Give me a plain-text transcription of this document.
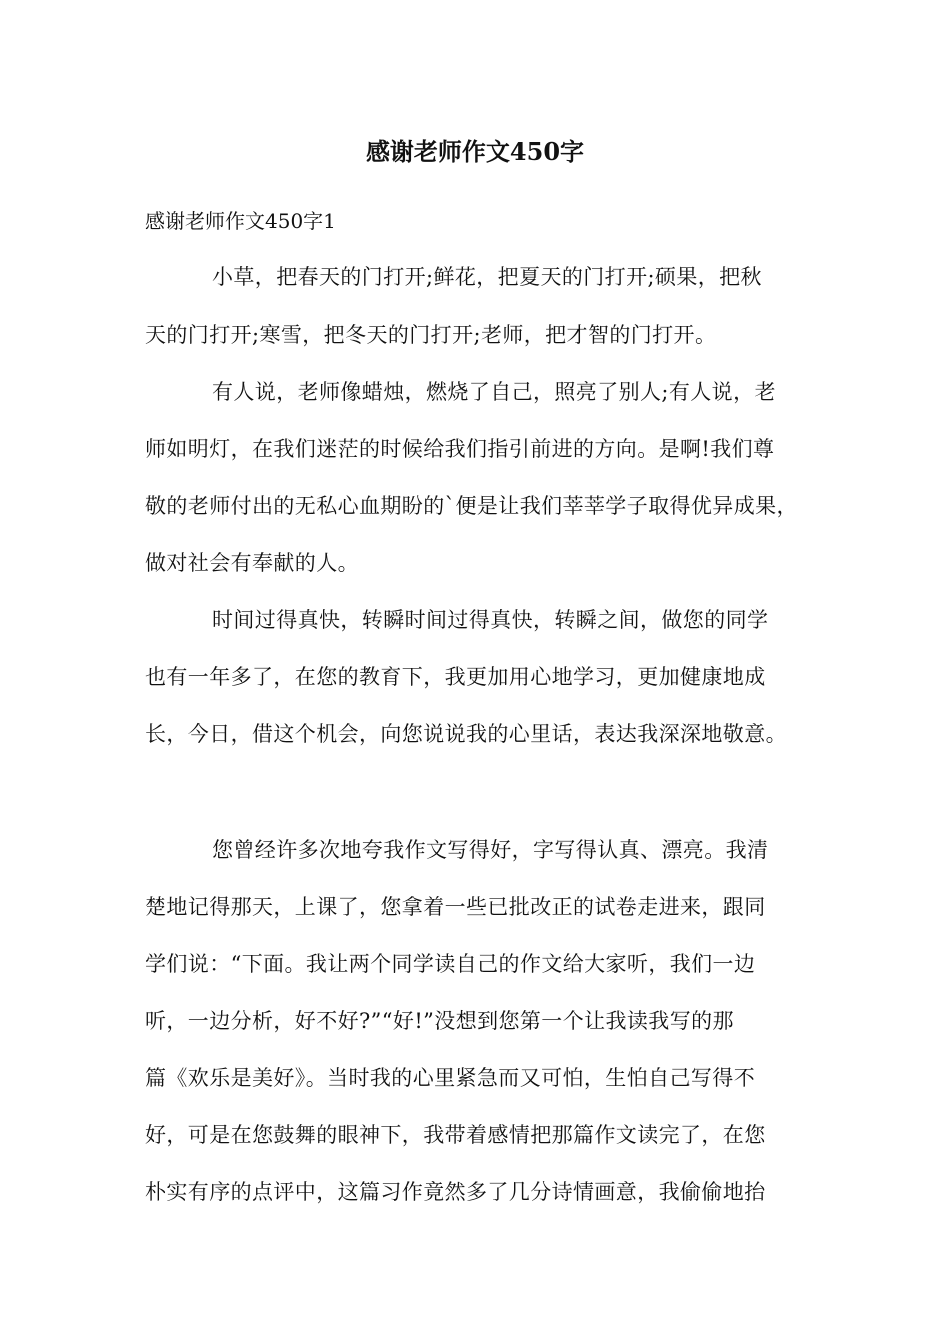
感谢老师作文450字
感谢老师作文450字1
小草，把春天的门打开;鲜花，把夏天的门打开;硕果，把秋
天的门打开;寒雪，把冬天的门打开;老师，把才智的门打开。
有人说，老师像蜡烛，燃烧了自己，照亮了别人;有人说，老
师如明灯，在我们迷茫的时候给我们指引前进的方向。是啊!我们尊
敬的老师付出的无私心血期盼的`便是让我们莘莘学子取得优异成果，
做对社会有奉献的人。
时间过得真快，转瞬时间过得真快，转瞬之间，做您的同学
也有一年多了，在您的教育下，我更加用心地学习，更加健康地成
长，今日，借这个机会，向您说说我的心里话，表达我深深地敬意。
您曾经许多次地夸我作文写得好，字写得认真、漂亮。我清
楚地记得那天，上课了，您拿着一些已批改正的试卷走进来，跟同
学们说：“下面。我让两个同学读自己的作文给大家听，我们一边
听，一边分析，好不好?”“好!”没想到您第一个让我读我写的那
篇《欢乐是美好》。当时我的心里紧急而又可怕，生怕自己写得不
好，可是在您鼓舞的眼神下，我带着感情把那篇作文读完了，在您
朴实有序的点评中，这篇习作竟然多了几分诗情画意，我偷偷地抬
